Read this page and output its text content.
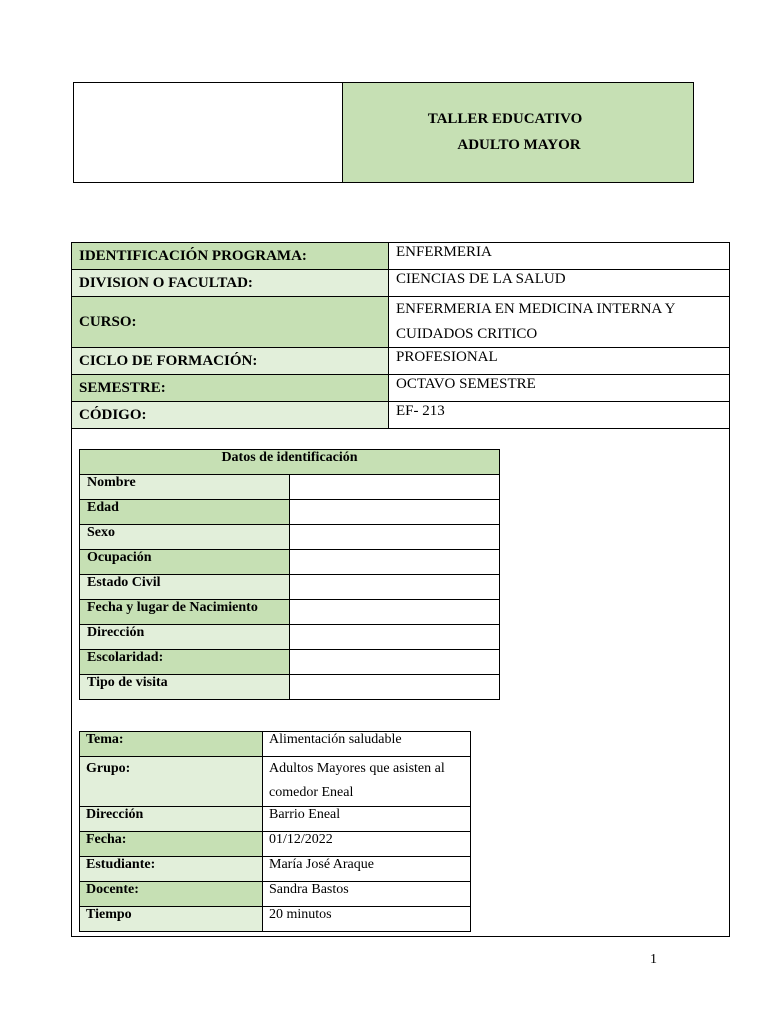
TALLER EDUCATIVO
ADULTO MAYOR
IDENTIFICACIÓN PROGRAMA:	ENFERMERIA
DIVISION O FACULTAD:	CIENCIAS DE LA SALUD
CURSO:	ENFERMERIA EN MEDICINA INTERNA Y CUIDADOS CRITICO
CICLO DE FORMACIÓN:	PROFESIONAL
SEMESTRE:	OCTAVO SEMESTRE
CÓDIGO:	EF- 213
Datos de identificación	
Nombre	
Edad	
Sexo	
Ocupación	
Estado Civil	
Fecha y lugar de Nacimiento	
Dirección	
Escolaridad:	
Tipo de visita	
Tema:	Alimentación saludable
Grupo:	Adultos Mayores que asisten al comedor Eneal
Dirección	Barrio Eneal
Fecha:	01/12/2022
Estudiante:	María José Araque
Docente:	Sandra Bastos
Tiempo	20 minutos
1
